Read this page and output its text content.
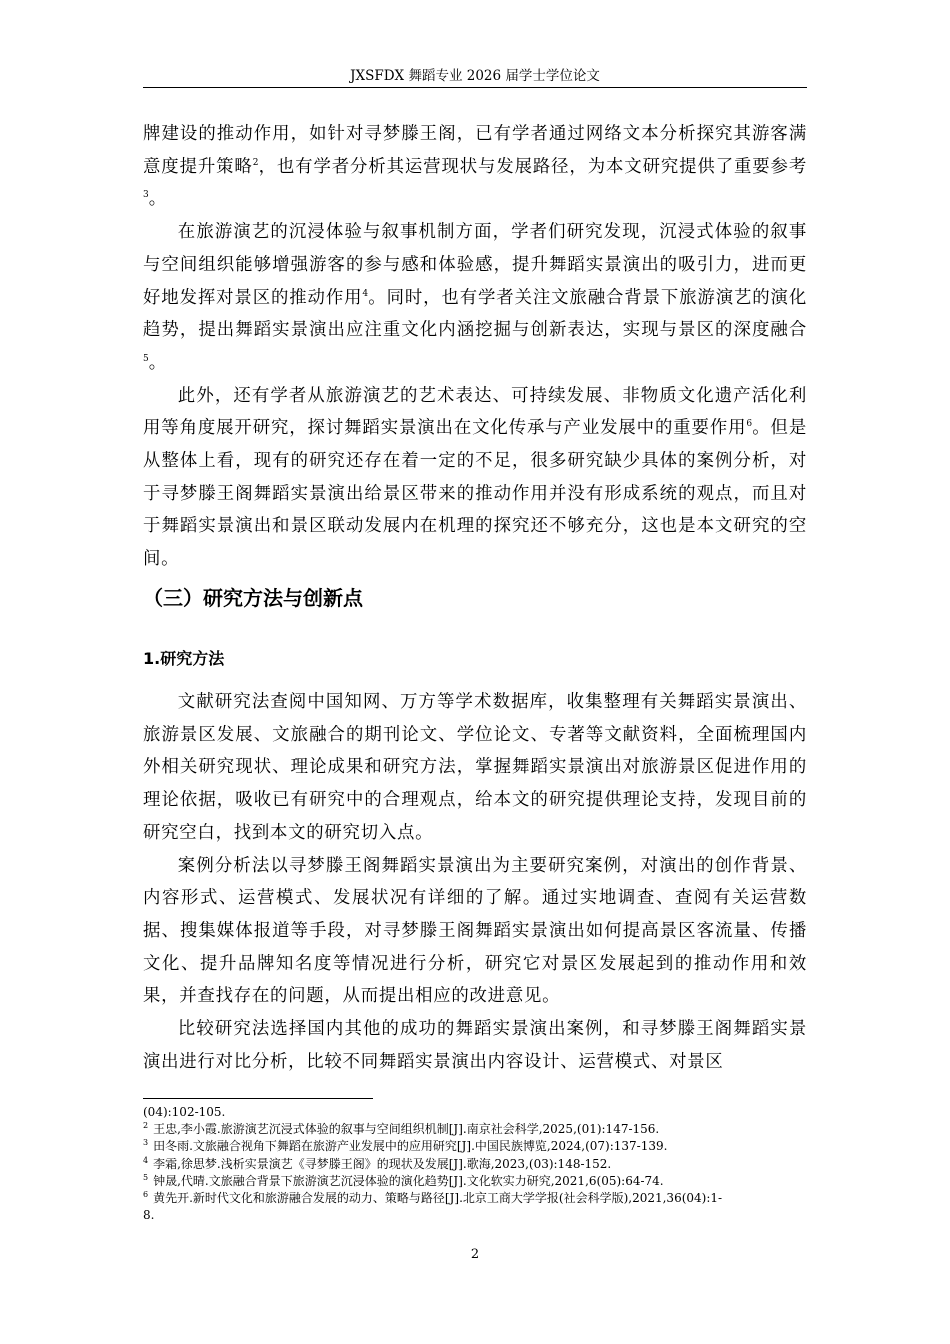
JXSFDX 舞蹈专业 2026 届学士学位论文

牌建设的推动作用，如针对寻梦滕王阁，已有学者通过网络文本分析探究其游客满意度提升策略$^2$，也有学者分析其运营现状与发展路径，为本文研究提供了重要参考$^3$。

在旅游演艺的沉浸体验与叙事机制方面，学者们研究发现，沉浸式体验的叙事与空间组织能够增强游客的参与感和体验感，提升舞蹈实景演出的吸引力，进而更好地发挥对景区的推动作用$^4$。同时，也有学者关注文旅融合背景下旅游演艺的演化趋势，提出舞蹈实景演出应注重文化内涵挖掘与创新表达，实现与景区的深度融合$^5$。

此外，还有学者从旅游演艺的艺术表达、可持续发展、非物质文化遗产活化利用等角度展开研究，探讨舞蹈实景演出在文化传承与产业发展中的重要作用$^6$。但是从整体上看，现有的研究还存在着一定的不足，很多研究缺少具体的案例分析，对于寻梦滕王阁舞蹈实景演出给景区带来的推动作用并没有形成系统的观点，而且对于舞蹈实景演出和景区联动发展内在机理的探究还不够充分，这也是本文研究的空间。

（三）研究方法与创新点
1.研究方法

文献研究法查阅中国知网、万方等学术数据库，收集整理有关舞蹈实景演出、旅游景区发展、文旅融合的期刊论文、学位论文、专著等文献资料，全面梳理国内外相关研究现状、理论成果和研究方法，掌握舞蹈实景演出对旅游景区促进作用的理论依据，吸收已有研究中的合理观点，给本文的研究提供理论支持，发现目前的研究空白，找到本文的研究切入点。

案例分析法以寻梦滕王阁舞蹈实景演出为主要研究案例，对演出的创作背景、内容形式、运营模式、发展状况有详细的了解。通过实地调查、查阅有关运营数据、搜集媒体报道等手段，对寻梦滕王阁舞蹈实景演出如何提高景区客流量、传播文化、提升品牌知名度等情况进行分析，研究它对景区发展起到的推动作用和效果，并查找存在的问题，从而提出相应的改进意见。

比较研究法选择国内其他的成功的舞蹈实景演出案例，和寻梦滕王阁舞蹈实景演出进行对比分析，比较不同舞蹈实景演出内容设计、运营模式、对景区

(04):102-105.

$^2$ 王忠,李小霞.旅游演艺沉浸式体验的叙事与空间组织机制[J].南京社会科学,2025,(01):147-156.

$^3$ 田冬雨.文旅融合视角下舞蹈在旅游产业发展中的应用研究[J].中国民族博览,2024,(07):137-139.

$^4$ 李霜,徐思梦.浅析实景演艺《寻梦滕王阁》的现状及发展[J].歌海,2023,(03):148-152.

$^5$ 钟晟,代晴.文旅融合背景下旅游演艺沉浸体验的演化趋势[J].文化软实力研究,2021,6(05):64-74.

$^6$ 黄先开.新时代文化和旅游融合发展的动力、策略与路径[J].北京工商大学学报(社会科学版),2021,36(04):1-8.

2
